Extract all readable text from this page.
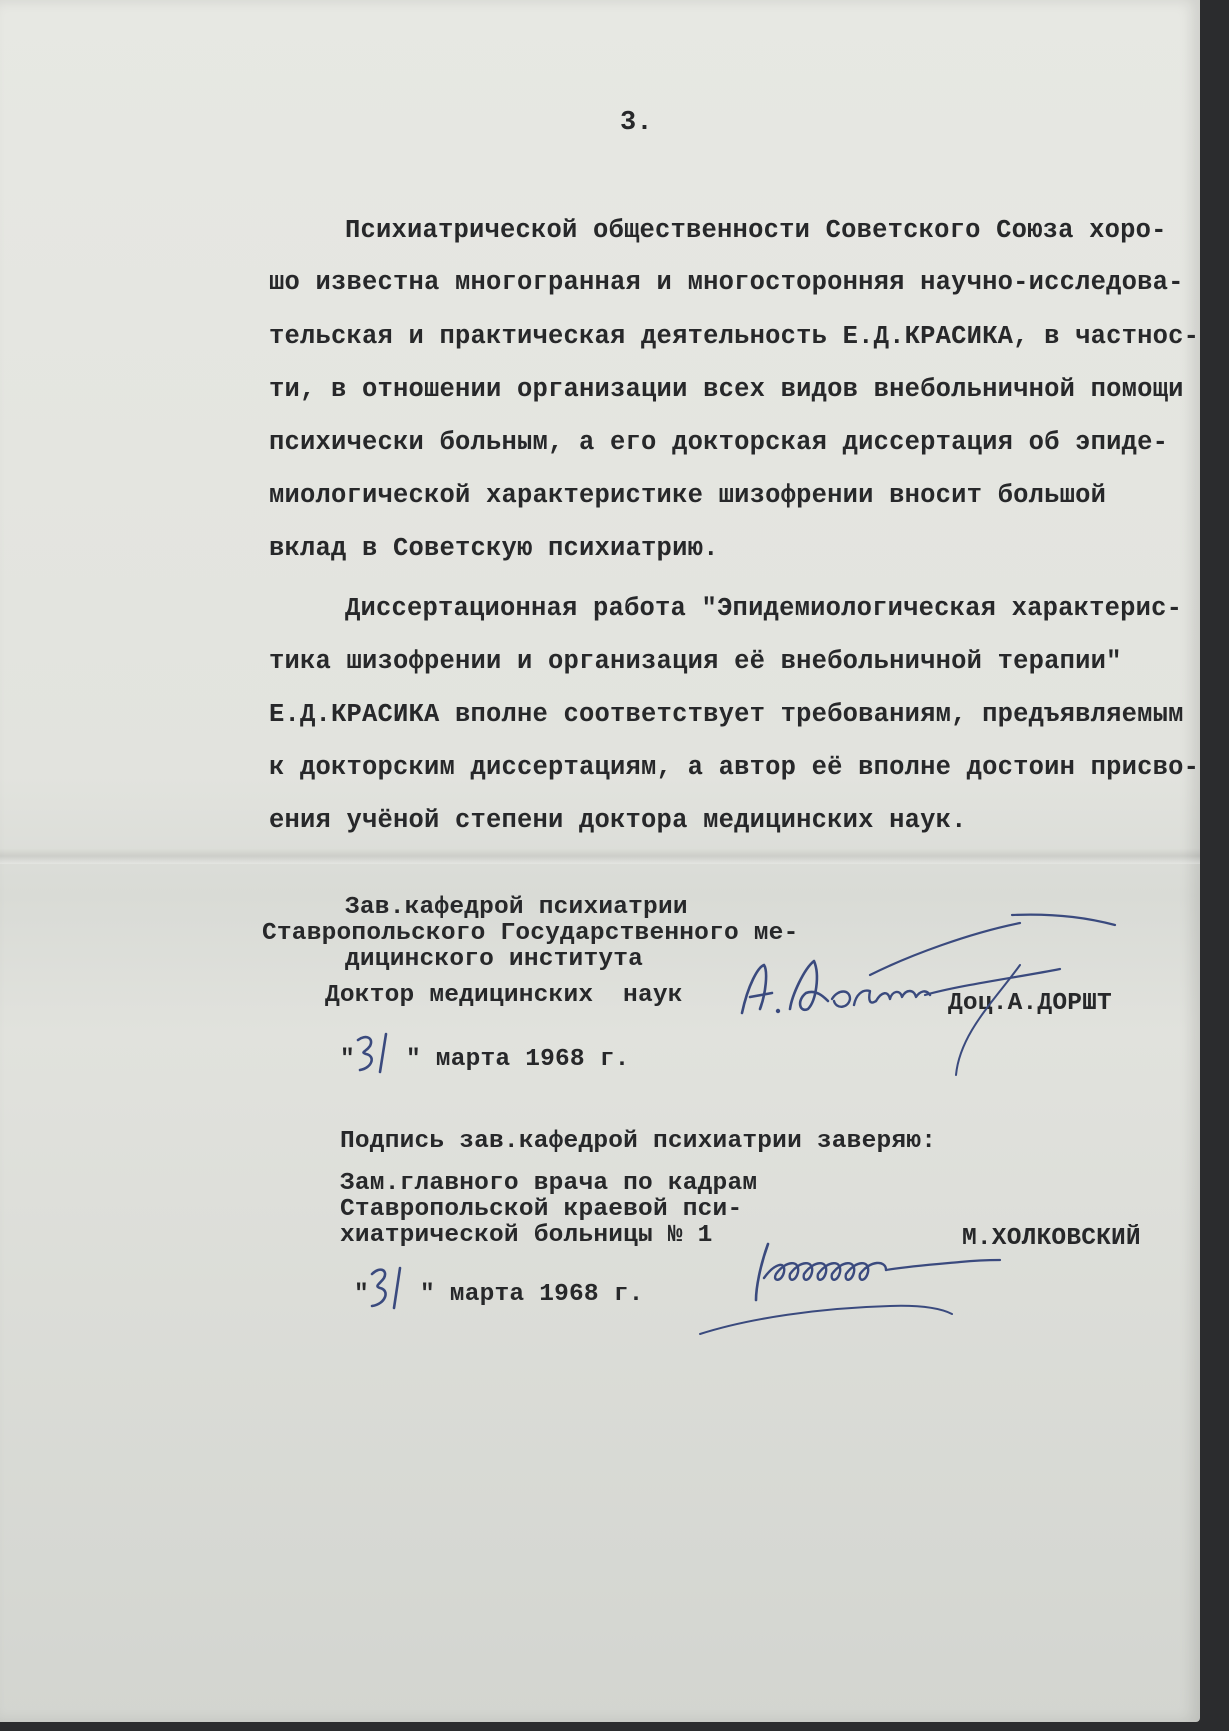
3.

Психиатрической общественности Советского Союза хоро-

шо известна многогранная и многосторонняя научно-исследова-

тельская и практическая деятельность Е.Д.КРАСИКА, в частнос-

ти, в отношении организации всех видов внебольничной помощи

психически больным, а его докторская диссертация об эпиде-

миологической характеристике шизофрении вносит большой

вклад в Советскую психиатрию.

Диссертационная работа "Эпидемиологическая характерис-

тика шизофрении и организация её внебольничной терапии"

Е.Д.КРАСИКА вполне соответствует требованиям, предъявляемым

к докторским диссертациям, а автор её вполне достоин присво-

ения учёной степени доктора медицинских наук.

Зав.кафедрой психиатрии

Ставропольского Государственного ме-

дицинского института

Доктор медицинских  наук	Доц.А.ДОРШТ

" " марта 1968 г.

Подпись зав.кафедрой психиатрии заверяю:

Зам.главного врача по кадрам

Ставропольской краевой пси-

хиатрической больницы № 1	М.ХОЛКОВСКИЙ

" " марта 1968 г.
